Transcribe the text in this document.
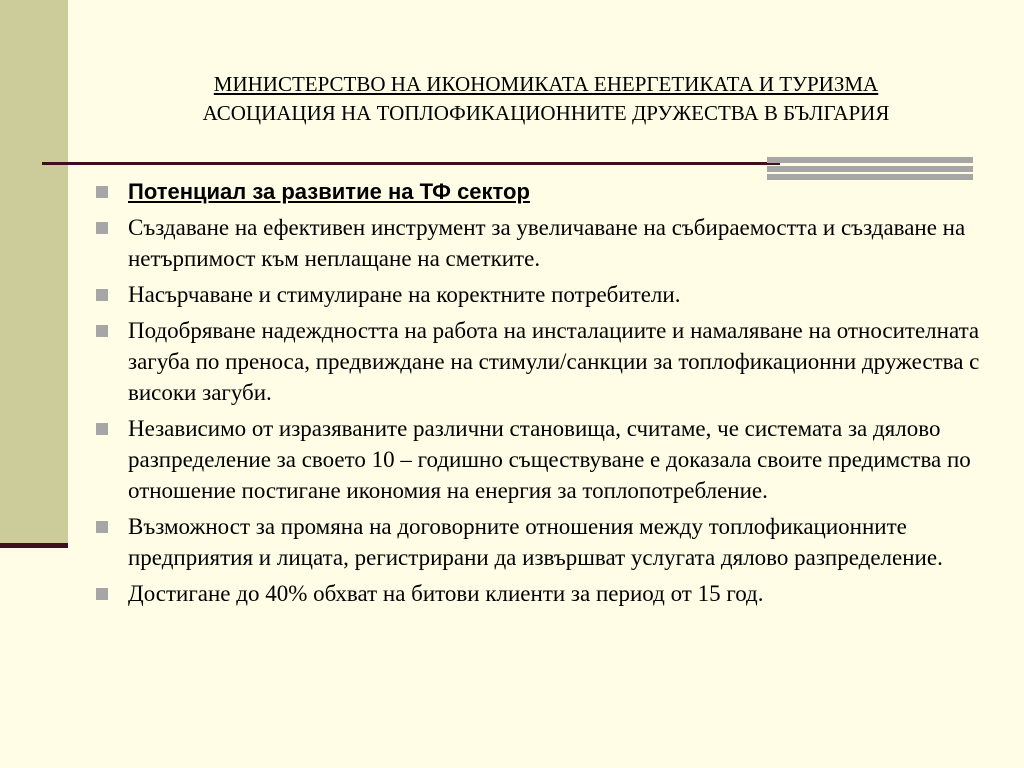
МИНИСТЕРСТВО НА ИКОНОМИКАТА ЕНЕРГЕТИКАТА И ТУРИЗМА
АСОЦИАЦИЯ НА ТОПЛОФИКАЦИОННИТЕ ДРУЖЕСТВА В БЪЛГАРИЯ
Потенциал за развитие на ТФ сектор
Създаване на ефективен инструмент за увеличаване на събираемостта и създаване на нетърпимост към неплащане на сметките.
Насърчаване и стимулиране на коректните потребители.
Подобряване надеждността на работа на инсталациите и намаляване на относителната загуба по преноса, предвиждане на стимули/санкции за топлофикационни дружества с високи загуби.
Независимо от изразяваните различни становища, считаме, че системата за дялово разпределение за своето 10 – годишно съществуване е доказала своите предимства по отношение постигане икономия на енергия за топлопотребление.
Възможност за промяна на договорните отношения между топлофикационните предприятия и лицата, регистрирани да извършват услугата дялово разпределение.
Достигане до 40% обхват на битови клиенти за период от 15 год.
